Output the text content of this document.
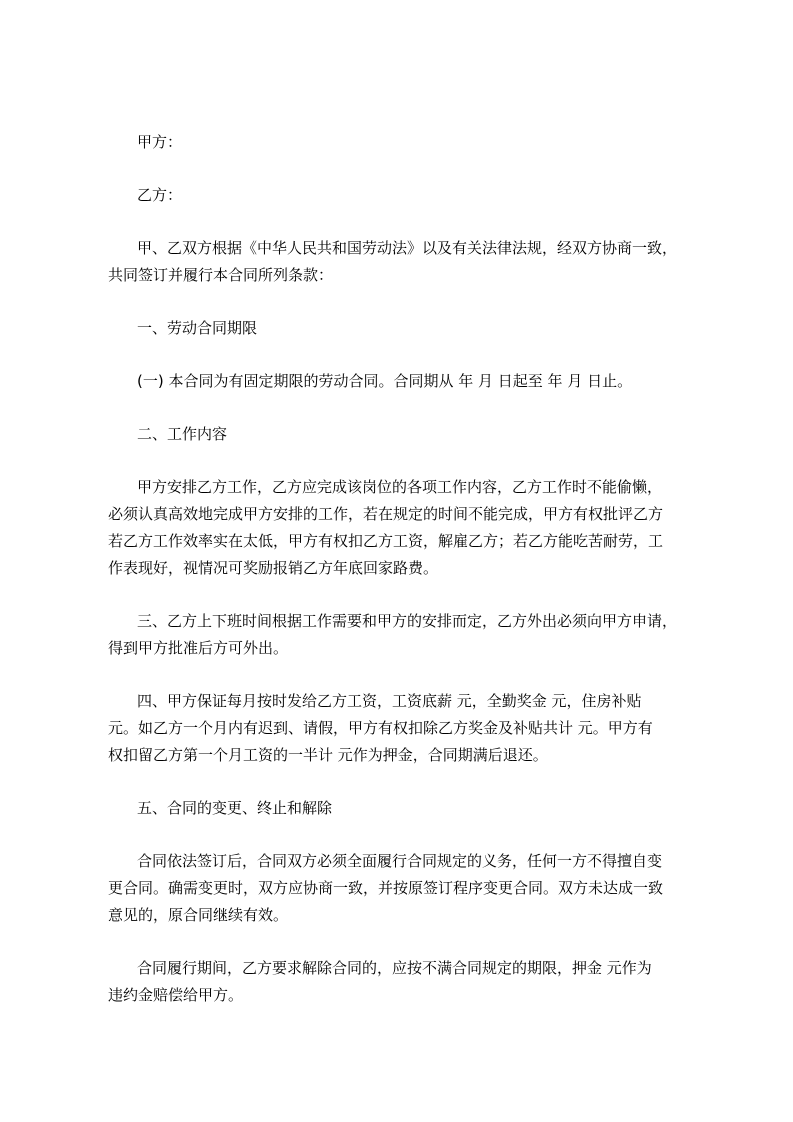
甲方：

乙方：

甲、乙双方根据《中华人民共和国劳动法》以及有关法律法规，经双方协商一致，

共同签订并履行本合同所列条款：

一、劳动合同期限

(一) 本合同为有固定期限的劳动合同。合同期从 年 月 日起至 年 月 日止。

二、工作内容

甲方安排乙方工作，乙方应完成该岗位的各项工作内容，乙方工作时不能偷懒，

必须认真高效地完成甲方安排的工作，若在规定的时间不能完成，甲方有权批评乙方

若乙方工作效率实在太低，甲方有权扣乙方工资，解雇乙方；若乙方能吃苦耐劳，工

作表现好，视情况可奖励报销乙方年底回家路费。

三、乙方上下班时间根据工作需要和甲方的安排而定，乙方外出必须向甲方申请，

得到甲方批准后方可外出。

四、甲方保证每月按时发给乙方工资，工资底薪 元，全勤奖金 元，住房补贴

元。如乙方一个月内有迟到、请假，甲方有权扣除乙方奖金及补贴共计 元。甲方有

权扣留乙方第一个月工资的一半计 元作为押金，合同期满后退还。

五、合同的变更、终止和解除

合同依法签订后，合同双方必须全面履行合同规定的义务，任何一方不得擅自变

更合同。确需变更时，双方应协商一致，并按原签订程序变更合同。双方未达成一致

意见的，原合同继续有效。

合同履行期间，乙方要求解除合同的，应按不满合同规定的期限，押金 元作为

违约金赔偿给甲方。
